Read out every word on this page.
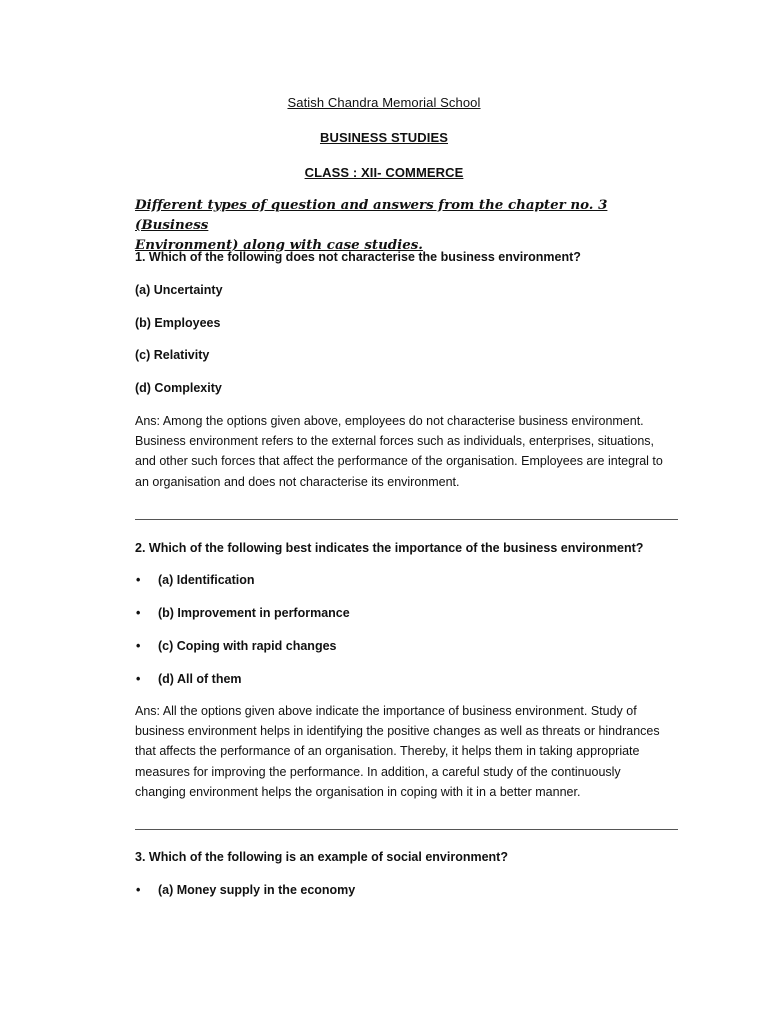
Satish Chandra Memorial School
BUSINESS STUDIES
CLASS : XII- COMMERCE
Different types of question and answers from the chapter no. 3 (Business
Environment) along with case studies.
1. Which of the following does not characterise the business environment?
(a) Uncertainty
(b) Employees
(c) Relativity
(d) Complexity

Ans: Among the options given above, employees do not characterise business environment.

Business environment refers to the external forces such as individuals, enterprises, situations,

and other such forces that affect the performance of the organisation. Employees are integral to

an organisation and does not characterise its environment.

2. Which of the following best indicates the importance of the business environment?
• (a) Identification
• (b) Improvement in performance
• (c) Coping with rapid changes
• (d) All of them

Ans: All the options given above indicate the importance of business environment. Study of

business environment helps in identifying the positive changes as well as threats or hindrances

that affects the performance of an organisation. Thereby, it helps them in taking appropriate

measures for improving the performance. In addition, a careful study of the continuously

changing environment helps the organisation in coping with it in a better manner.

3. Which of the following is an example of social environment?
• (a) Money supply in the economy
